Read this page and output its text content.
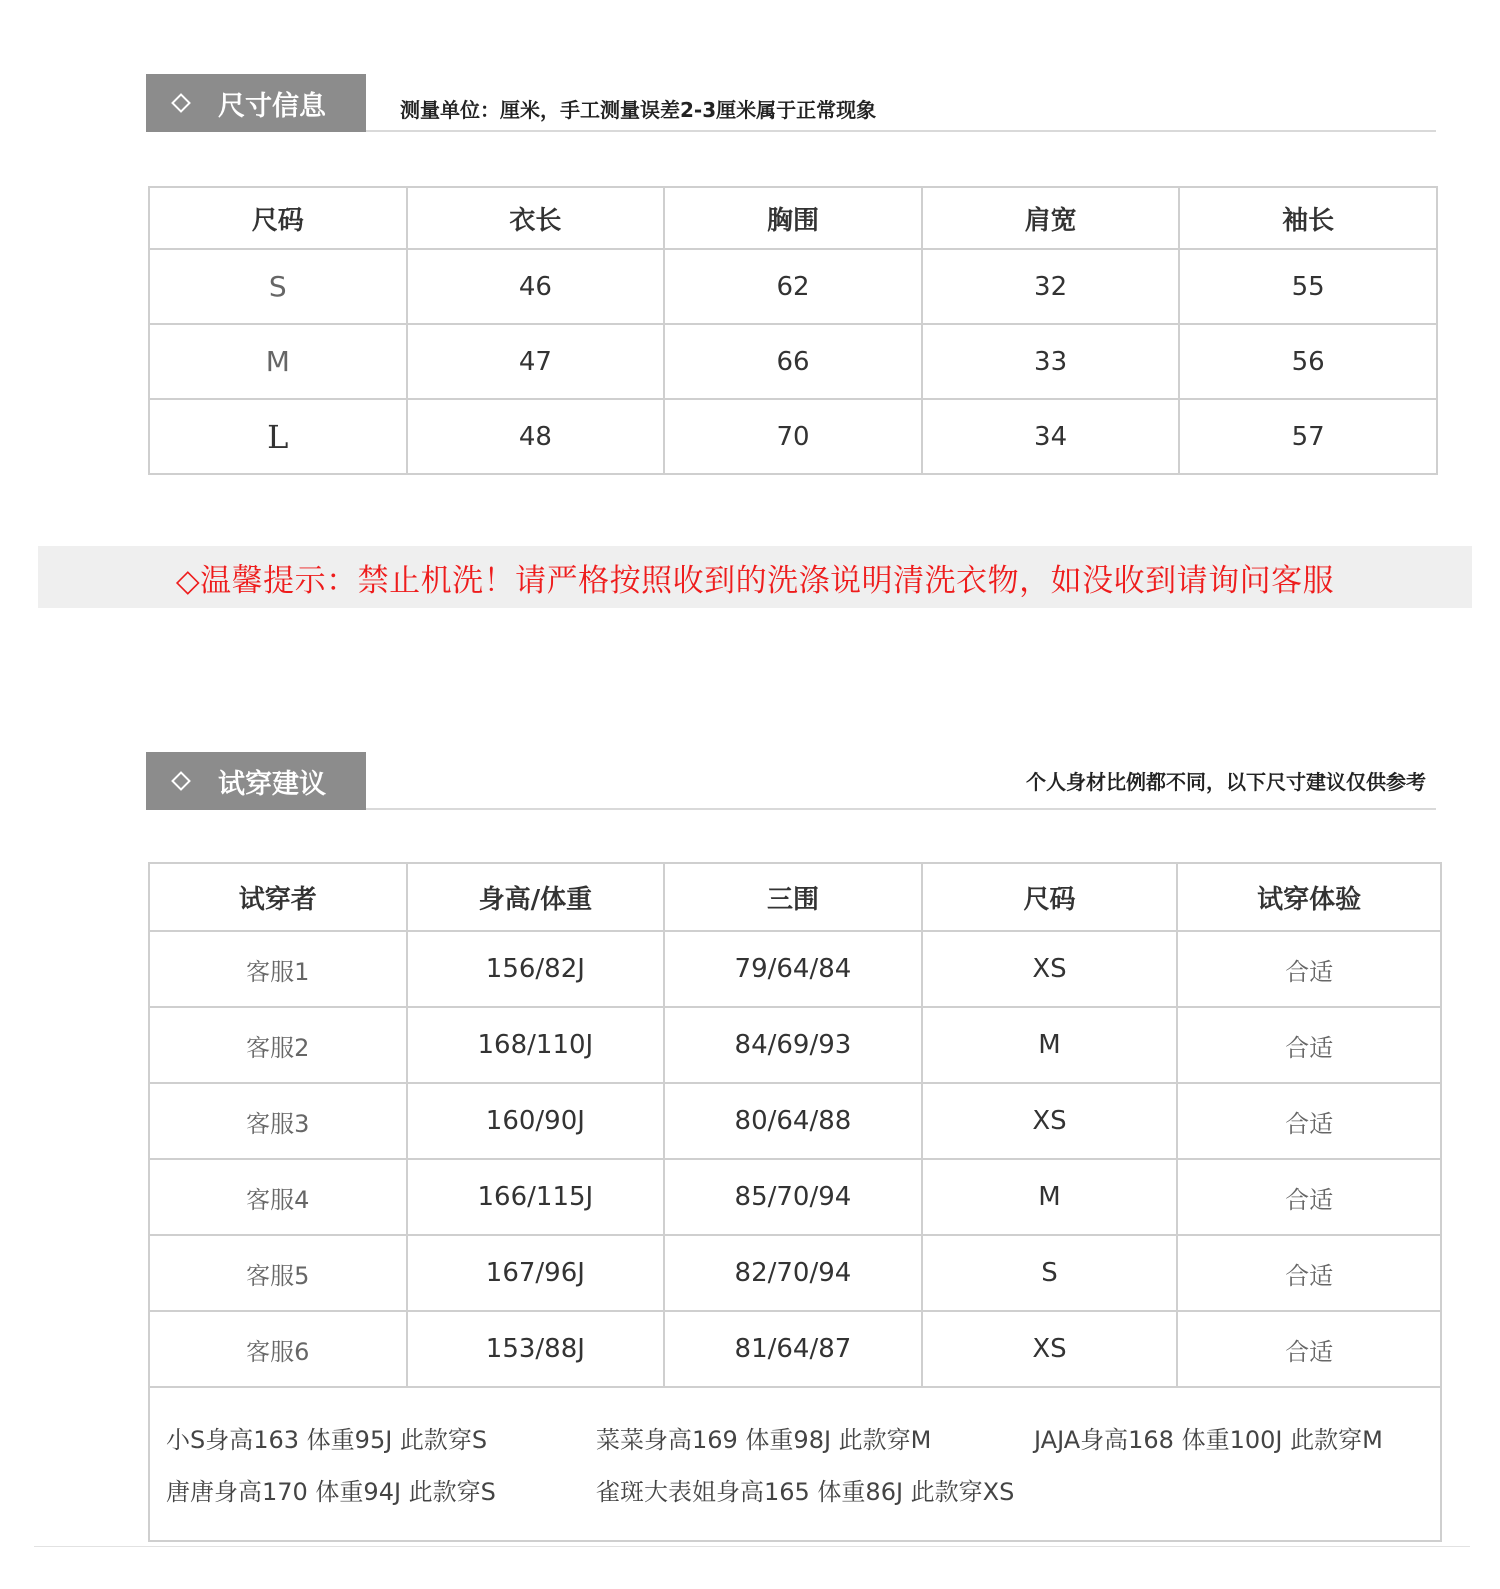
尺寸信息	测量单位：厘米，手工测量误差2-3厘米属于正常现象
尺码	衣长	胸围	肩宽	袖长
S	46	62	32	55
M	47	66	33	56
L	48	70	34	57
◇温馨提示：禁止机洗！请严格按照收到的洗涤说明清洗衣物，如没收到请询问客服
试穿建议	个人身材比例都不同，以下尺寸建议仅供参考
试穿者	身高/体重	三围	尺码	试穿体验
客服1	156/82J	79/64/84	XS	合适
客服2	168/110J	84/69/93	M	合适
客服3	160/90J	80/64/88	XS	合适
客服4	166/115J	85/70/94	M	合适
客服5	167/96J	82/70/94	S	合适
客服6	153/88J	81/64/87	XS	合适

小S身高163 体重95J 此款穿S 菜菜身高169 体重98J 此款穿M JAJA身高168 体重100J 此款穿M
唐唐身高170 体重94J 此款穿S 雀斑大表姐身高165 体重86J 此款穿XS				
